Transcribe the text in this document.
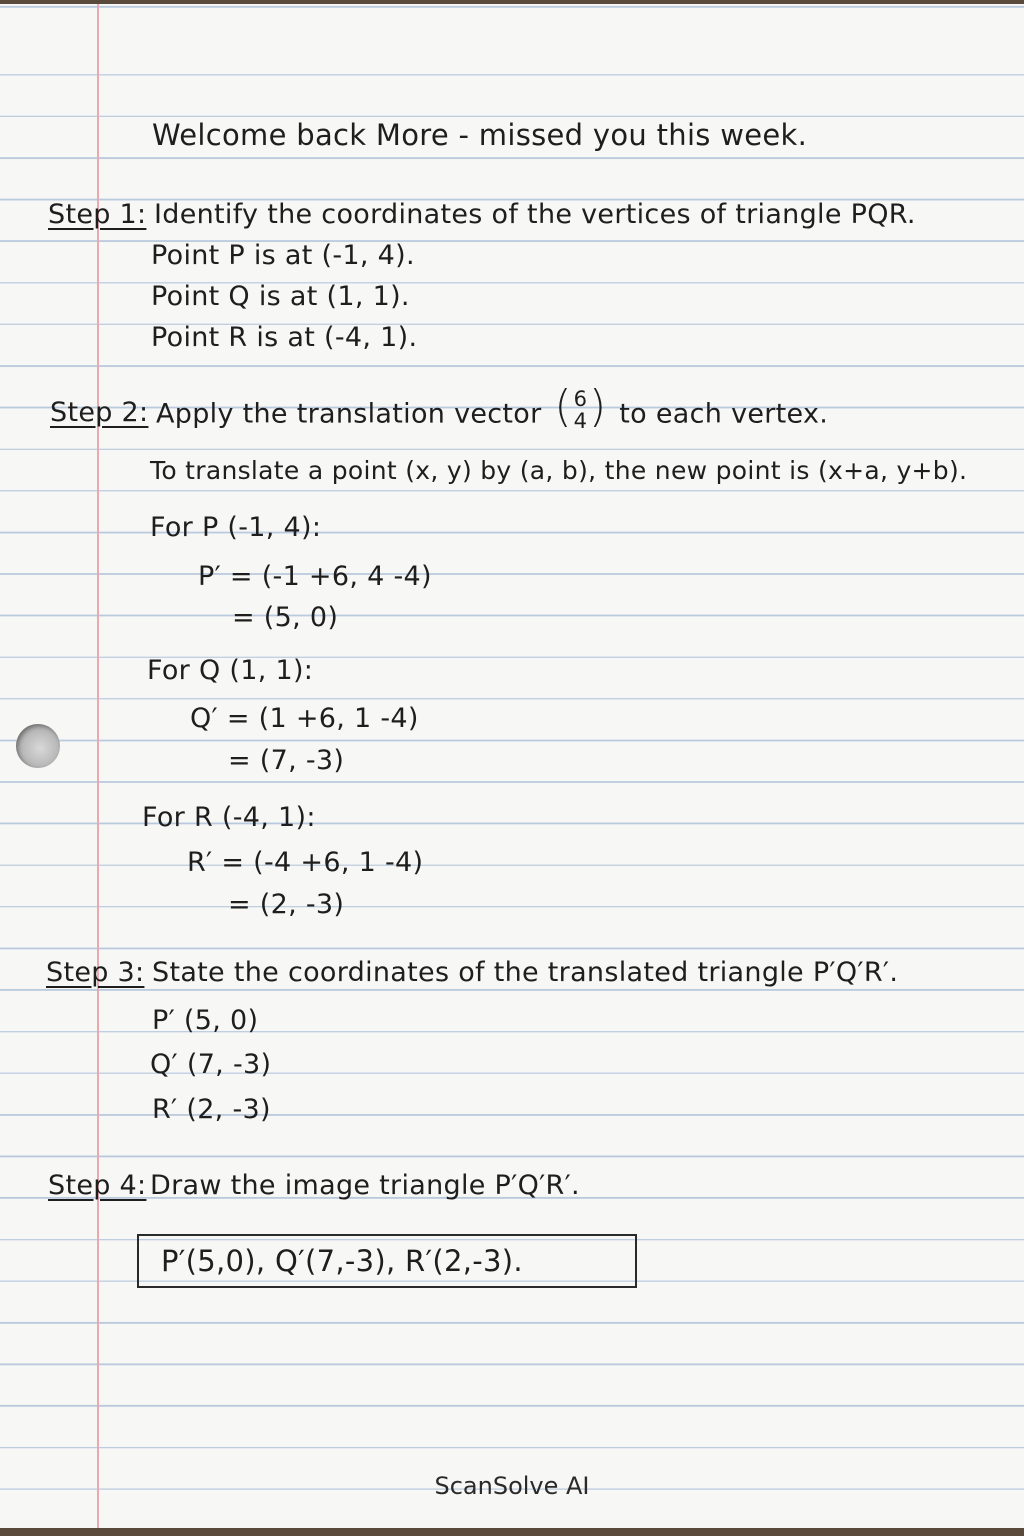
Welcome back More - missed you this week.
Step 1: Identify the coordinates of the vertices of triangle PQR.
Point P is at (-1, 4).
Point Q is at (1, 1).
Point R is at (-4, 1).
Step 2: Apply the translation vector ( 6
4 ) to each vertex.
To translate a point (x, y) by (a, b), the new point is (x+a, y+b).
For P (-1, 4):
P′ = (-1 +6, 4 -4)
= (5, 0)
For Q (1, 1):
Q′ = (1 +6, 1 -4)
= (7, -3)
For R (-4, 1):
R′ = (-4 +6, 1 -4)
= (2, -3)
Step 3: State the coordinates of the translated triangle P′Q′R′.
P′ (5, 0)
Q′ (7, -3)
R′ (2, -3)
Step 4: Draw the image triangle P′Q′R′.
P′(5,0), Q′(7,-3), R′(2,-3).
ScanSolve AI
